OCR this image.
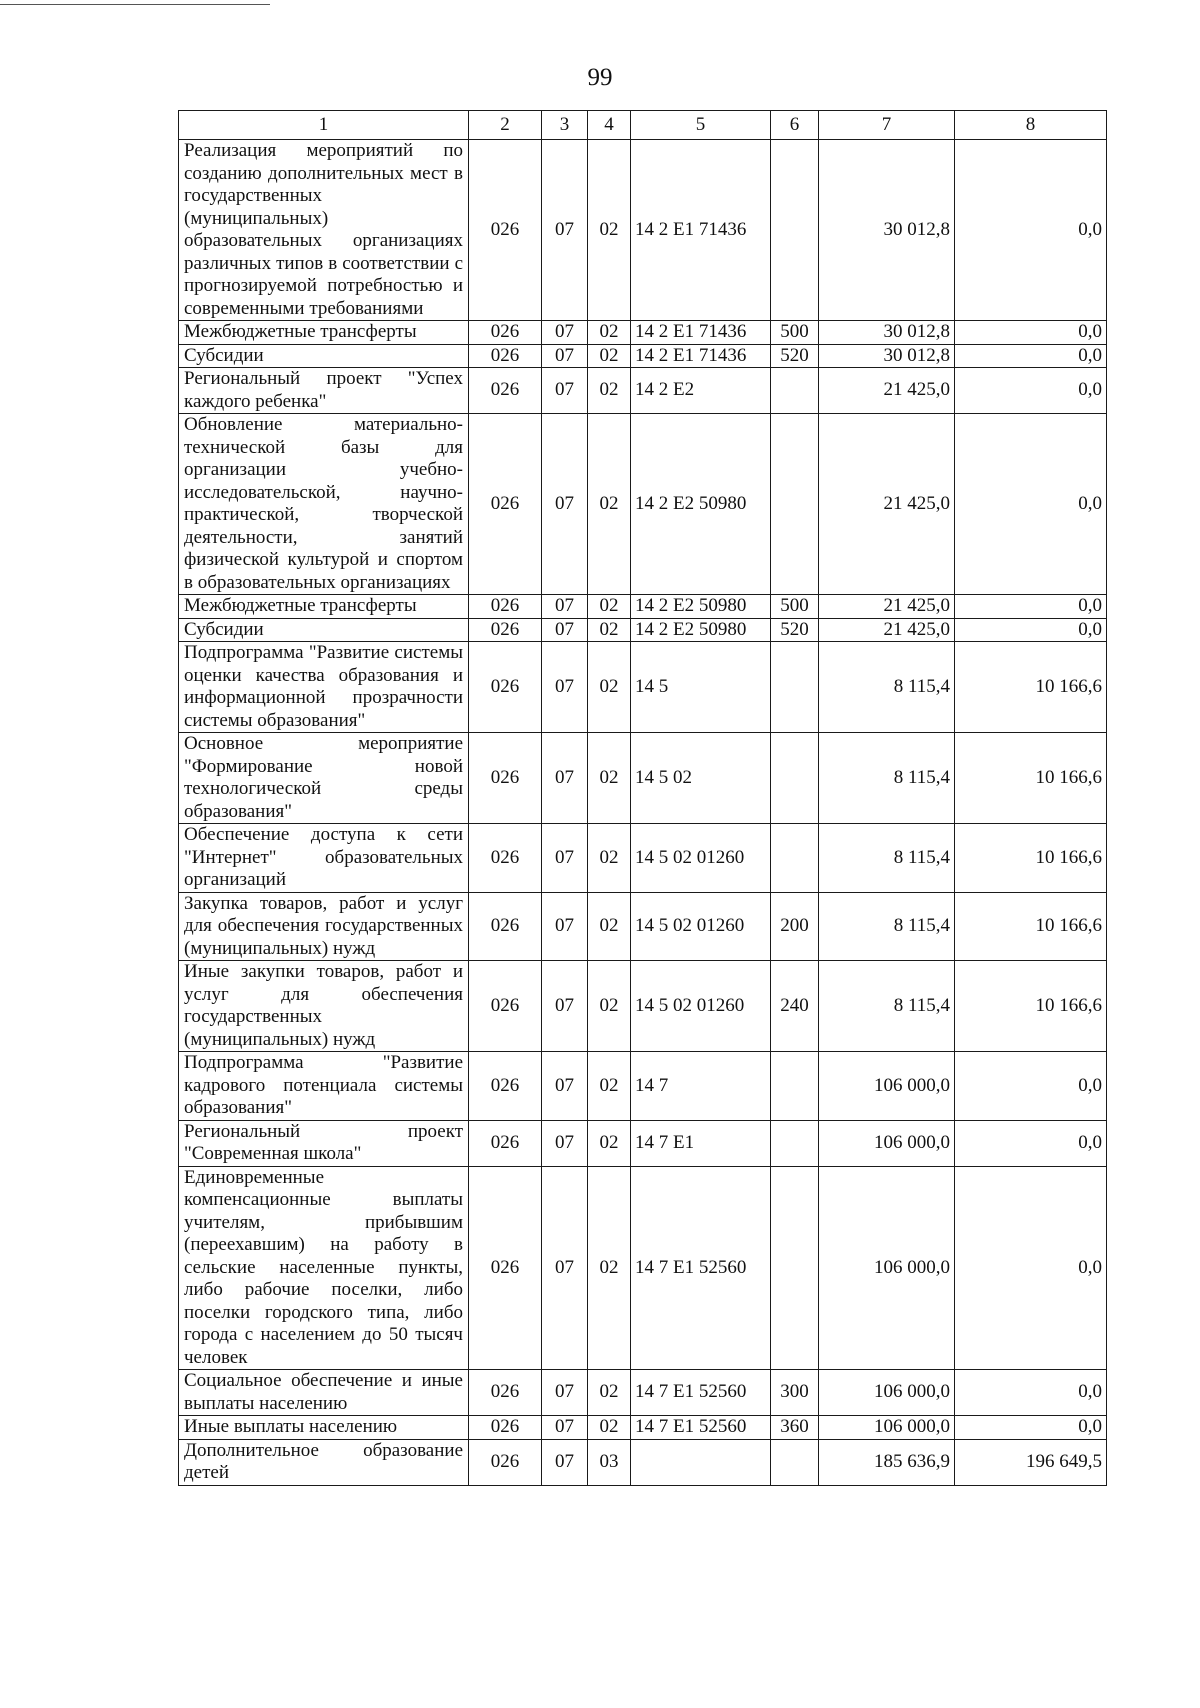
99
1	2	3	4	5	6	7	8
Реализация мероприятий по созданию дополнительных мест в государственных (муниципальных) образовательных организациях различных типов в соответствии с прогнозируемой потребностью и современными требованиями	026	07	02	14 2 E1 71436		30 012,8	0,0
Межбюджетные трансферты	026	07	02	14 2 E1 71436	500	30 012,8	0,0
Субсидии	026	07	02	14 2 E1 71436	520	30 012,8	0,0
Региональный проект "Успех каждого ребенка"	026	07	02	14 2 E2		21 425,0	0,0
Обновление материально-технической базы для организации учебно-исследовательской, научно-практической, творческой деятельности, занятий физической культурой и спортом в образовательных организациях	026	07	02	14 2 E2 50980		21 425,0	0,0
Межбюджетные трансферты	026	07	02	14 2 E2 50980	500	21 425,0	0,0
Субсидии	026	07	02	14 2 E2 50980	520	21 425,0	0,0
Подпрограмма "Развитие системы оценки качества образования и информационной прозрачности системы образования"	026	07	02	14 5		8 115,4	10 166,6
Основное мероприятие "Формирование новой технологической среды образования"	026	07	02	14 5 02		8 115,4	10 166,6
Обеспечение доступа к сети "Интернет" образовательных организаций	026	07	02	14 5 02 01260		8 115,4	10 166,6
Закупка товаров, работ и услуг для обеспечения государственных (муниципальных) нужд	026	07	02	14 5 02 01260	200	8 115,4	10 166,6
Иные закупки товаров, работ и услуг для обеспечения государственных (муниципальных) нужд	026	07	02	14 5 02 01260	240	8 115,4	10 166,6
Подпрограмма "Развитие кадрового потенциала системы образования"	026	07	02	14 7		106 000,0	0,0
Региональный проект "Современная школа"	026	07	02	14 7 E1		106 000,0	0,0
Единовременные компенсационные выплаты учителям, прибывшим (переехавшим) на работу в сельские населенные пункты, либо рабочие поселки, либо поселки городского типа, либо города с населением до 50 тысяч человек	026	07	02	14 7 E1 52560		106 000,0	0,0
Социальное обеспечение и иные выплаты населению	026	07	02	14 7 E1 52560	300	106 000,0	0,0
Иные выплаты населению	026	07	02	14 7 E1 52560	360	106 000,0	0,0
Дополнительное образование детей	026	07	03			185 636,9	196 649,5
